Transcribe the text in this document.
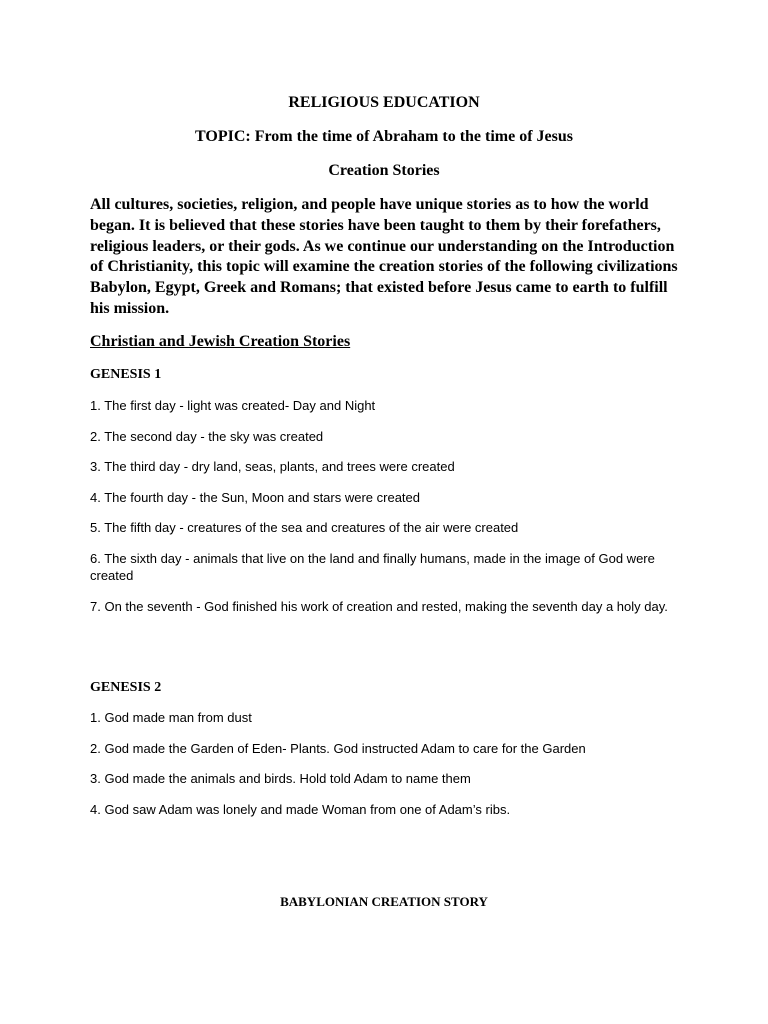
RELIGIOUS EDUCATION
TOPIC: From the time of Abraham to the time of Jesus
Creation Stories

All cultures, societies, religion, and people have unique stories as to how the world began. It is believed that these stories have been taught to them by their forefathers, religious leaders, or their gods. As we continue our understanding on the Introduction of Christianity, this topic will examine the creation stories of the following civilizations Babylon, Egypt, Greek and Romans; that existed before Jesus came to earth to fulfill his mission.

Christian and Jewish Creation Stories
GENESIS 1
1. The first day - light was created- Day and Night
2. The second day - the sky was created
3. The third day - dry land, seas, plants, and trees were created
4. The fourth day - the Sun, Moon and stars were created
5. The fifth day - creatures of the sea and creatures of the air were created
6. The sixth day - animals that live on the land and finally humans, made in the image of God were created
7. On the seventh - God finished his work of creation and rested, making the seventh day a holy day.
GENESIS 2
1. God made man from dust
2. God made the Garden of Eden- Plants. God instructed Adam to care for the Garden
3. God made the animals and birds. Hold told Adam to name them
4. God saw Adam was lonely and made Woman from one of Adam’s ribs.
BABYLONIAN CREATION STORY
